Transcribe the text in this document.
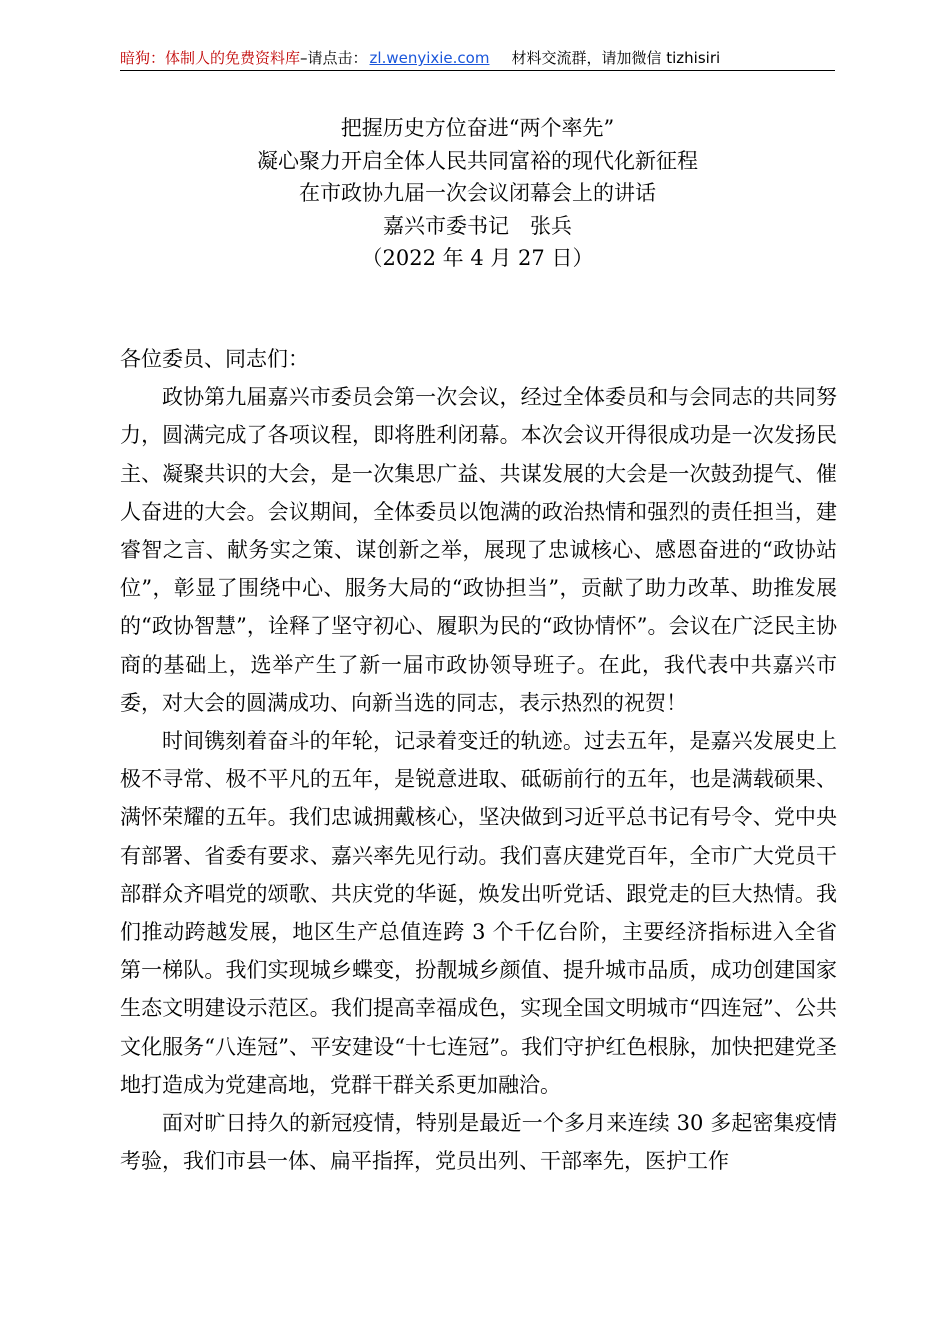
暗狗：体制人的免费资料库–请点击： zl.wenyixie.com 材料交流群，请加微信 tizhisiri
把握历史方位奋进“两个率先”
凝心聚力开启全体人民共同富裕的现代化新征程
在市政协九届一次会议闭幕会上的讲话
嘉兴市委书记　张兵
（2022 年 4 月 27 日）

各位委员、同志们：

政协第九届嘉兴市委员会第一次会议，经过全体委员和与会同志的共同努力，圆满完成了各项议程，即将胜利闭幕。本次会议开得很成功是一次发扬民主、凝聚共识的大会，是一次集思广益、共谋发展的大会是一次鼓劲提气、催人奋进的大会。会议期间，全体委员以饱满的政治热情和强烈的责任担当，建睿智之言、献务实之策、谋创新之举，展现了忠诚核心、感恩奋进的“政协站位”，彰显了围绕中心、服务大局的“政协担当”，贡献了助力改革、助推发展的“政协智慧”，诠释了坚守初心、履职为民的“政协情怀”。会议在广泛民主协商的基础上，选举产生了新一届市政协领导班子。在此，我代表中共嘉兴市委，对大会的圆满成功、向新当选的同志，表示热烈的祝贺！

时间镌刻着奋斗的年轮，记录着变迁的轨迹。过去五年，是嘉兴发展史上极不寻常、极不平凡的五年，是锐意进取、砥砺前行的五年，也是满载硕果、满怀荣耀的五年。我们忠诚拥戴核心，坚决做到习近平总书记有号令、党中央有部署、省委有要求、嘉兴率先见行动。我们喜庆建党百年，全市广大党员干部群众齐唱党的颂歌、共庆党的华诞，焕发出听党话、跟党走的巨大热情。我们推动跨越发展，地区生产总值连跨 3 个千亿台阶，主要经济指标进入全省第一梯队。我们实现城乡蝶变，扮靓城乡颜值、提升城市品质，成功创建国家生态文明建设示范区。我们提高幸福成色，实现全国文明城市“四连冠”、公共文化服务“八连冠”、平安建设“十七连冠”。我们守护红色根脉，加快把建党圣地打造成为党建高地，党群干群关系更加融洽。

面对旷日持久的新冠疫情，特别是最近一个多月来连续 30 多起密集疫情考验，我们市县一体、扁平指挥，党员出列、干部率先，医护工作
